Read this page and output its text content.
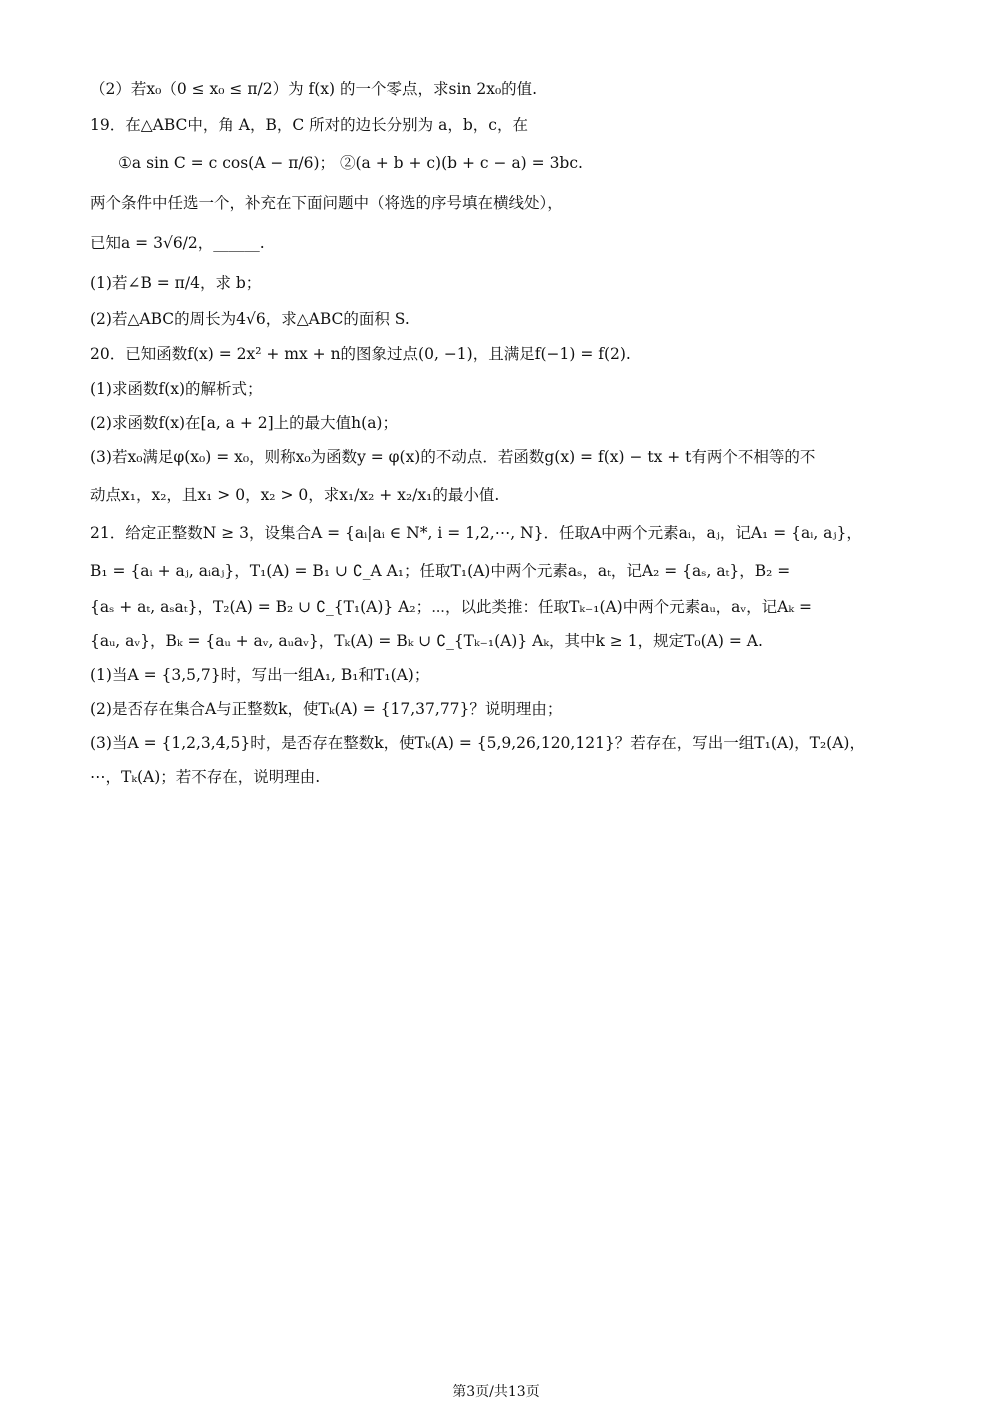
（2）若x₀（0 ≤ x₀ ≤ π/2）为 f(x) 的一个零点，求sin 2x₀的值.
19．在△ABC中，角 A，B，C 所对的边长分别为 a，b，c，在
①a sin C = c cos(A − π/6)； ②(a + b + c)(b + c − a) = 3bc.
两个条件中任选一个，补充在下面问题中（将选的序号填在横线处），
已知a = 3√6/2，______.
(1)若∠B = π/4，求 b；
(2)若△ABC的周长为4√6，求△ABC的面积 S.
20．已知函数f(x) = 2x² + mx + n的图象过点(0, −1)，且满足f(−1) = f(2).
(1)求函数f(x)的解析式；
(2)求函数f(x)在[a, a + 2]上的最大值h(a)；
(3)若x₀满足φ(x₀) = x₀，则称x₀为函数y = φ(x)的不动点．若函数g(x) = f(x) − tx + t有两个不相等的不
动点x₁，x₂，且x₁ > 0，x₂ > 0，求x₁/x₂ + x₂/x₁的最小值.
21．给定正整数N ≥ 3，设集合A = {aᵢ|aᵢ ∈ N*, i = 1,2,⋯, N}．任取A中两个元素aᵢ，aⱼ，记A₁ = {aᵢ, aⱼ}，
B₁ = {aᵢ + aⱼ, aᵢaⱼ}，T₁(A) = B₁ ∪ ∁_A A₁；任取T₁(A)中两个元素aₛ，aₜ，记A₂ = {aₛ, aₜ}，B₂ =
{aₛ + aₜ, aₛaₜ}，T₂(A) = B₂ ∪ ∁_{T₁(A)} A₂；⋯，以此类推：任取Tₖ₋₁(A)中两个元素aᵤ，aᵥ，记Aₖ =
{aᵤ, aᵥ}，Bₖ = {aᵤ + aᵥ, aᵤaᵥ}，Tₖ(A) = Bₖ ∪ ∁_{Tₖ₋₁(A)} Aₖ，其中k ≥ 1，规定T₀(A) = A.
(1)当A = {3,5,7}时，写出一组A₁, B₁和T₁(A)；
(2)是否存在集合A与正整数k，使Tₖ(A) = {17,37,77}？说明理由；
(3)当A = {1,2,3,4,5}时，是否存在整数k，使Tₖ(A) = {5,9,26,120,121}？若存在，写出一组T₁(A)，T₂(A)，
⋯，Tₖ(A)；若不存在，说明理由.
第3页/共13页
